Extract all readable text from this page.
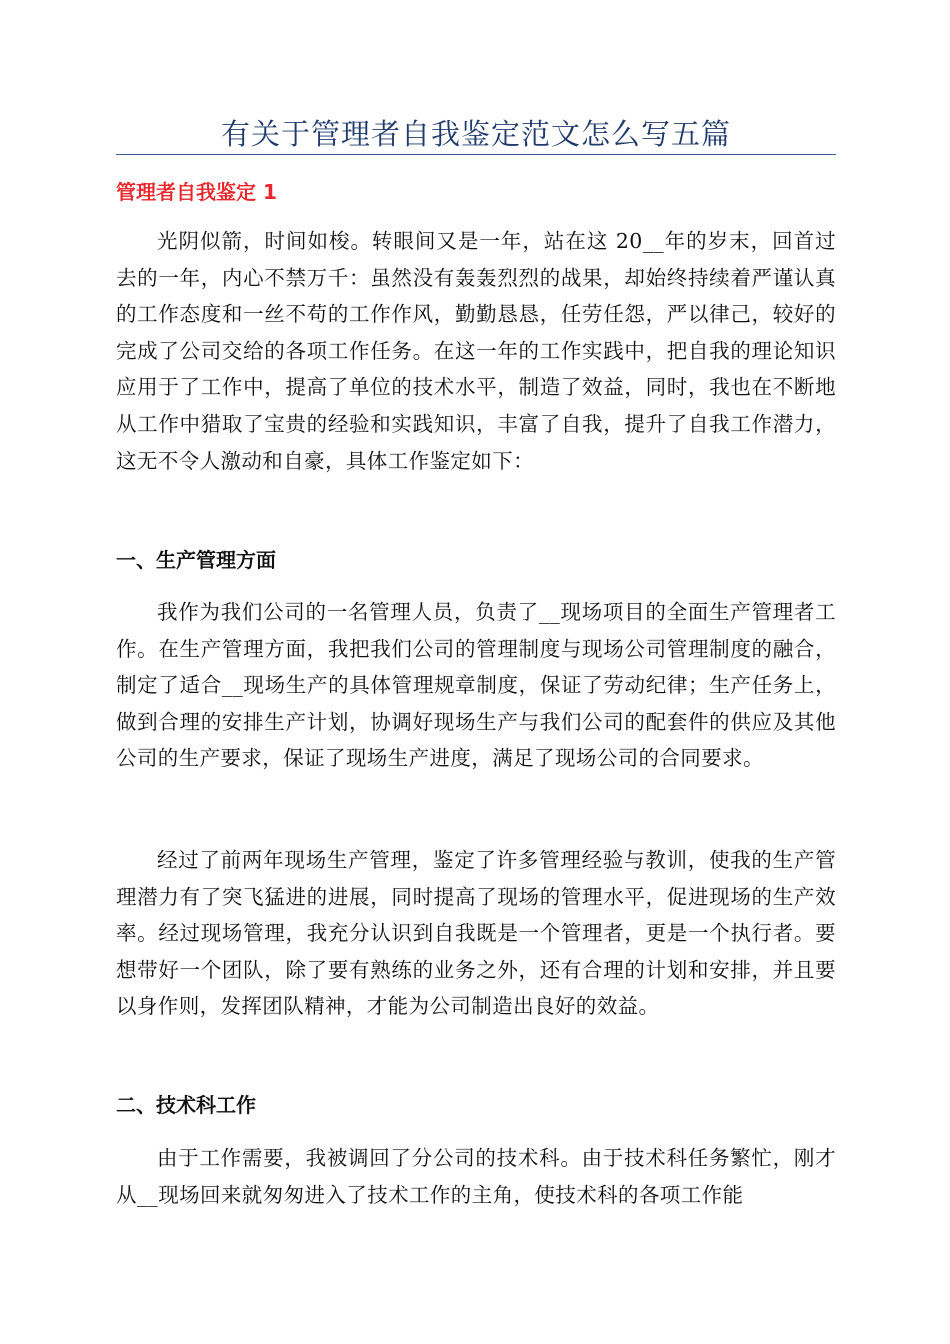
有关于管理者自我鉴定范文怎么写五篇
管理者自我鉴定 1

光阴似箭，时间如梭。转眼间又是一年，站在这 20__年的岁末，回首过去的一年，内心不禁万千：虽然没有轰轰烈烈的战果，却始终持续着严谨认真的工作态度和一丝不苟的工作作风，勤勤恳恳，任劳任怨，严以律己，较好的完成了公司交给的各项工作任务。在这一年的工作实践中，把自我的理论知识应用于了工作中，提高了单位的技术水平，制造了效益，同时，我也在不断地从工作中猎取了宝贵的经验和实践知识，丰富了自我，提升了自我工作潜力，这无不令人激动和自豪，具体工作鉴定如下：

一、生产管理方面

我作为我们公司的一名管理人员，负责了__现场项目的全面生产管理者工作。在生产管理方面，我把我们公司的管理制度与现场公司管理制度的融合，制定了适合__现场生产的具体管理规章制度，保证了劳动纪律；生产任务上，做到合理的安排生产计划，协调好现场生产与我们公司的配套件的供应及其他公司的生产要求，保证了现场生产进度，满足了现场公司的合同要求。

经过了前两年现场生产管理，鉴定了许多管理经验与教训，使我的生产管理潜力有了突飞猛进的进展，同时提高了现场的管理水平，促进现场的生产效率。经过现场管理，我充分认识到自我既是一个管理者，更是一个执行者。要想带好一个团队，除了要有熟练的业务之外，还有合理的计划和安排，并且要以身作则，发挥团队精神，才能为公司制造出良好的效益。

二、技术科工作

由于工作需要，我被调回了分公司的技术科。由于技术科任务繁忙，刚才从__现场回来就匆匆进入了技术工作的主角，使技术科的各项工作能
